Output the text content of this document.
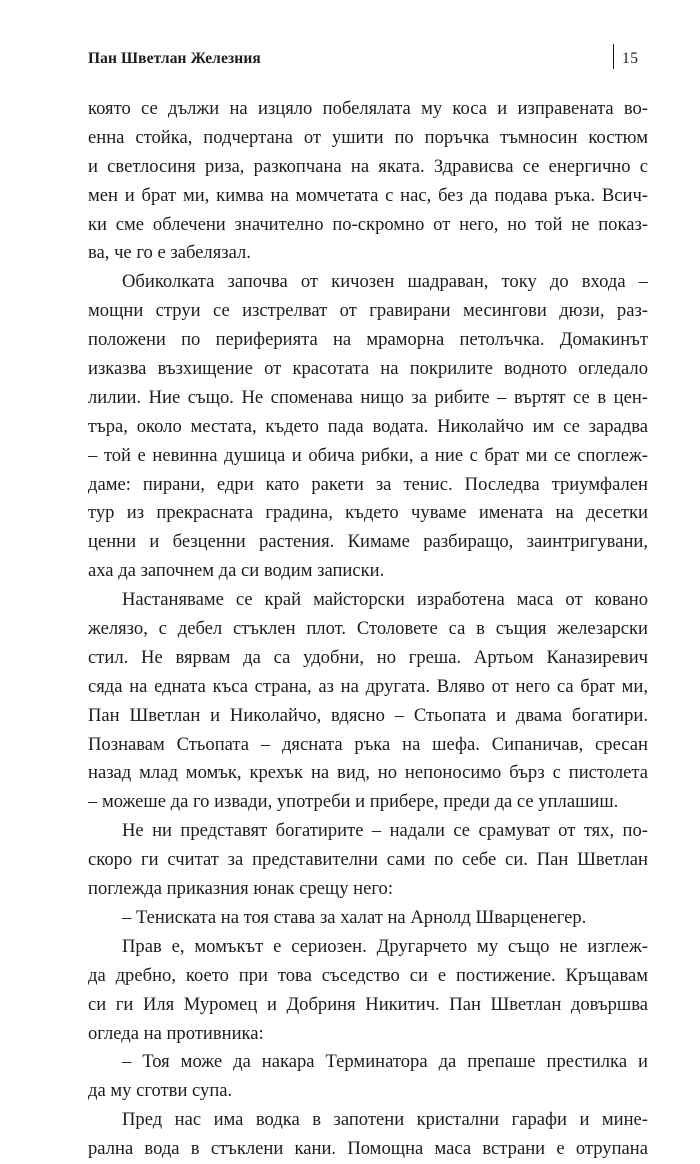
Пан Шветлан Железния	15
която се дължи на изцяло побелялата му коса и изправената во-
енна стойка, подчертана от ушити по поръчка тъмносин костюм
и светлосиня риза, разкопчана на яката. Здрависва се енергично с
мен и брат ми, кимва на момчетата с нас, без да подава ръка. Всич-
ки сме облечени значително по-скромно от него, но той не показ-
ва, че го е забелязал.
Обиколката започва от кичозен шадраван, току до входа –
мощни струи се изстрелват от гравирани месингови дюзи, раз-
положени по периферията на мраморна петолъчка. Домакинът
изказва възхищение от красотата на покрилите водното огледало
лилии. Ние също. Не споменава нищо за рибите – въртят се в цен-
търа, около местата, където пада водата. Николайчо им се зарадва
– той е невинна душица и обича рибки, а ние с брат ми се споглеж-
даме: пирани, едри като ракети за тенис. Последва триумфален
тур из прекрасната градина, където чуваме имената на десетки
ценни и безценни растения. Кимаме разбиращо, заинтригувани,
аха да започнем да си водим записки.
Настаняваме се край майсторски изработена маса от ковано
желязо, с дебел стъклен плот. Столовете са в същия железарски
стил. Не вярвам да са удобни, но греша. Артьом Каназиревич
сяда на едната къса страна, аз на другата. Вляво от него са брат ми,
Пан Шветлан и Николайчо, вдясно – Стьопата и двама богатири.
Познавам Стьопата – дясната ръка на шефа. Сипаничав, сресан
назад млад момък, крехък на вид, но непоносимо бърз с пистолета
– можеше да го извади, употреби и прибере, преди да се уплашиш.
Не ни представят богатирите – надали се срамуват от тях, по-
скоро ги считат за представителни сами по себе си. Пан Шветлан
поглежда приказния юнак срещу него:
– Тениската на тоя става за халат на Арнолд Шварценегер.
Прав е, момъкът е сериозен. Другарчето му също не изглеж-
да дребно, което при това съседство си е постижение. Кръщавам
си ги Иля Муромец и Добриня Никитич. Пан Шветлан довършва
огледа на противника:
– Тоя може да накара Терминатора да препаше престилка и
да му сготви супа.
Пред нас има водка в запотени кристални гарафи и мине-
рална вода в стъклени кани. Помощна маса встрани е отрупана
